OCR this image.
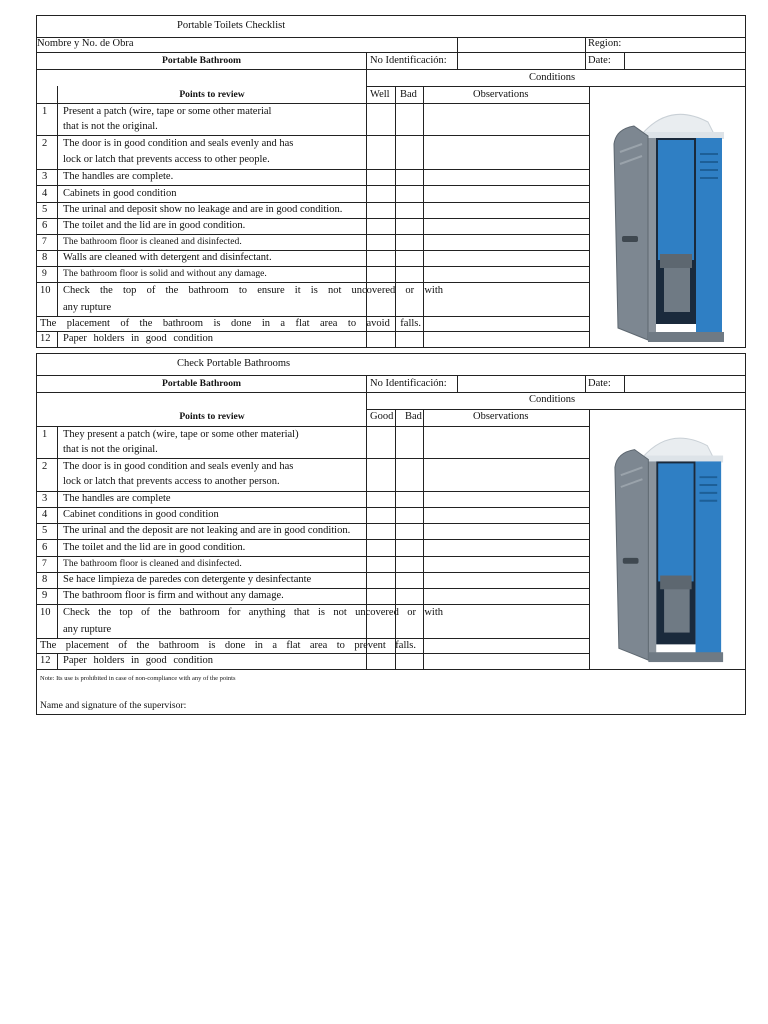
Portable Toilets Checklist
Nombre y No. de Obra	Region:
Portable Bathroom	No Identificación:	Date:
Conditions
Points to review	Well Bad	Observations
1 Present a patch (wire, tape or some other material
that is not the original.
2 The door is in good condition and seals evenly and has
lock or latch that prevents access to other people.
3 The handles are complete.
4 Cabinets in good condition
5 The urinal and deposit show no leakage and are in good condition.
6 The toilet and the lid are in good condition.
7 The bathroom floor is cleaned and disinfected.
8 Walls are cleaned with detergent and disinfectant.
9 The bathroom floor is solid and without any damage.
10 Check the top of the bathroom to ensure it is not uncovered or with
any rupture
The placement of the bathroom is done in a flat area to avoid falls.
12 Paper holders in good condition
Check Portable Bathrooms
Portable Bathroom	No Identificación:	Date:
Conditions
Points to review	Good Bad	Observations
1 They present a patch (wire, tape or some other material)
that is not the original.
2 The door is in good condition and seals evenly and has
lock or latch that prevents access to another person.
3 The handles are complete
4 Cabinet conditions in good condition
5 The urinal and the deposit are not leaking and are in good condition.
6 The toilet and the lid are in good condition.
7 The bathroom floor is cleaned and disinfected.
8 Se hace limpieza de paredes con detergente y desinfectante
9 The bathroom floor is firm and without any damage.
10 Check the top of the bathroom for anything that is not uncovered or with
any rupture
The placement of the bathroom is done in a flat area to prevent falls.
12 Paper holders in good condition
Note: Its use is prohibited in case of non-compliance with any of the points
Name and signature of the supervisor:
